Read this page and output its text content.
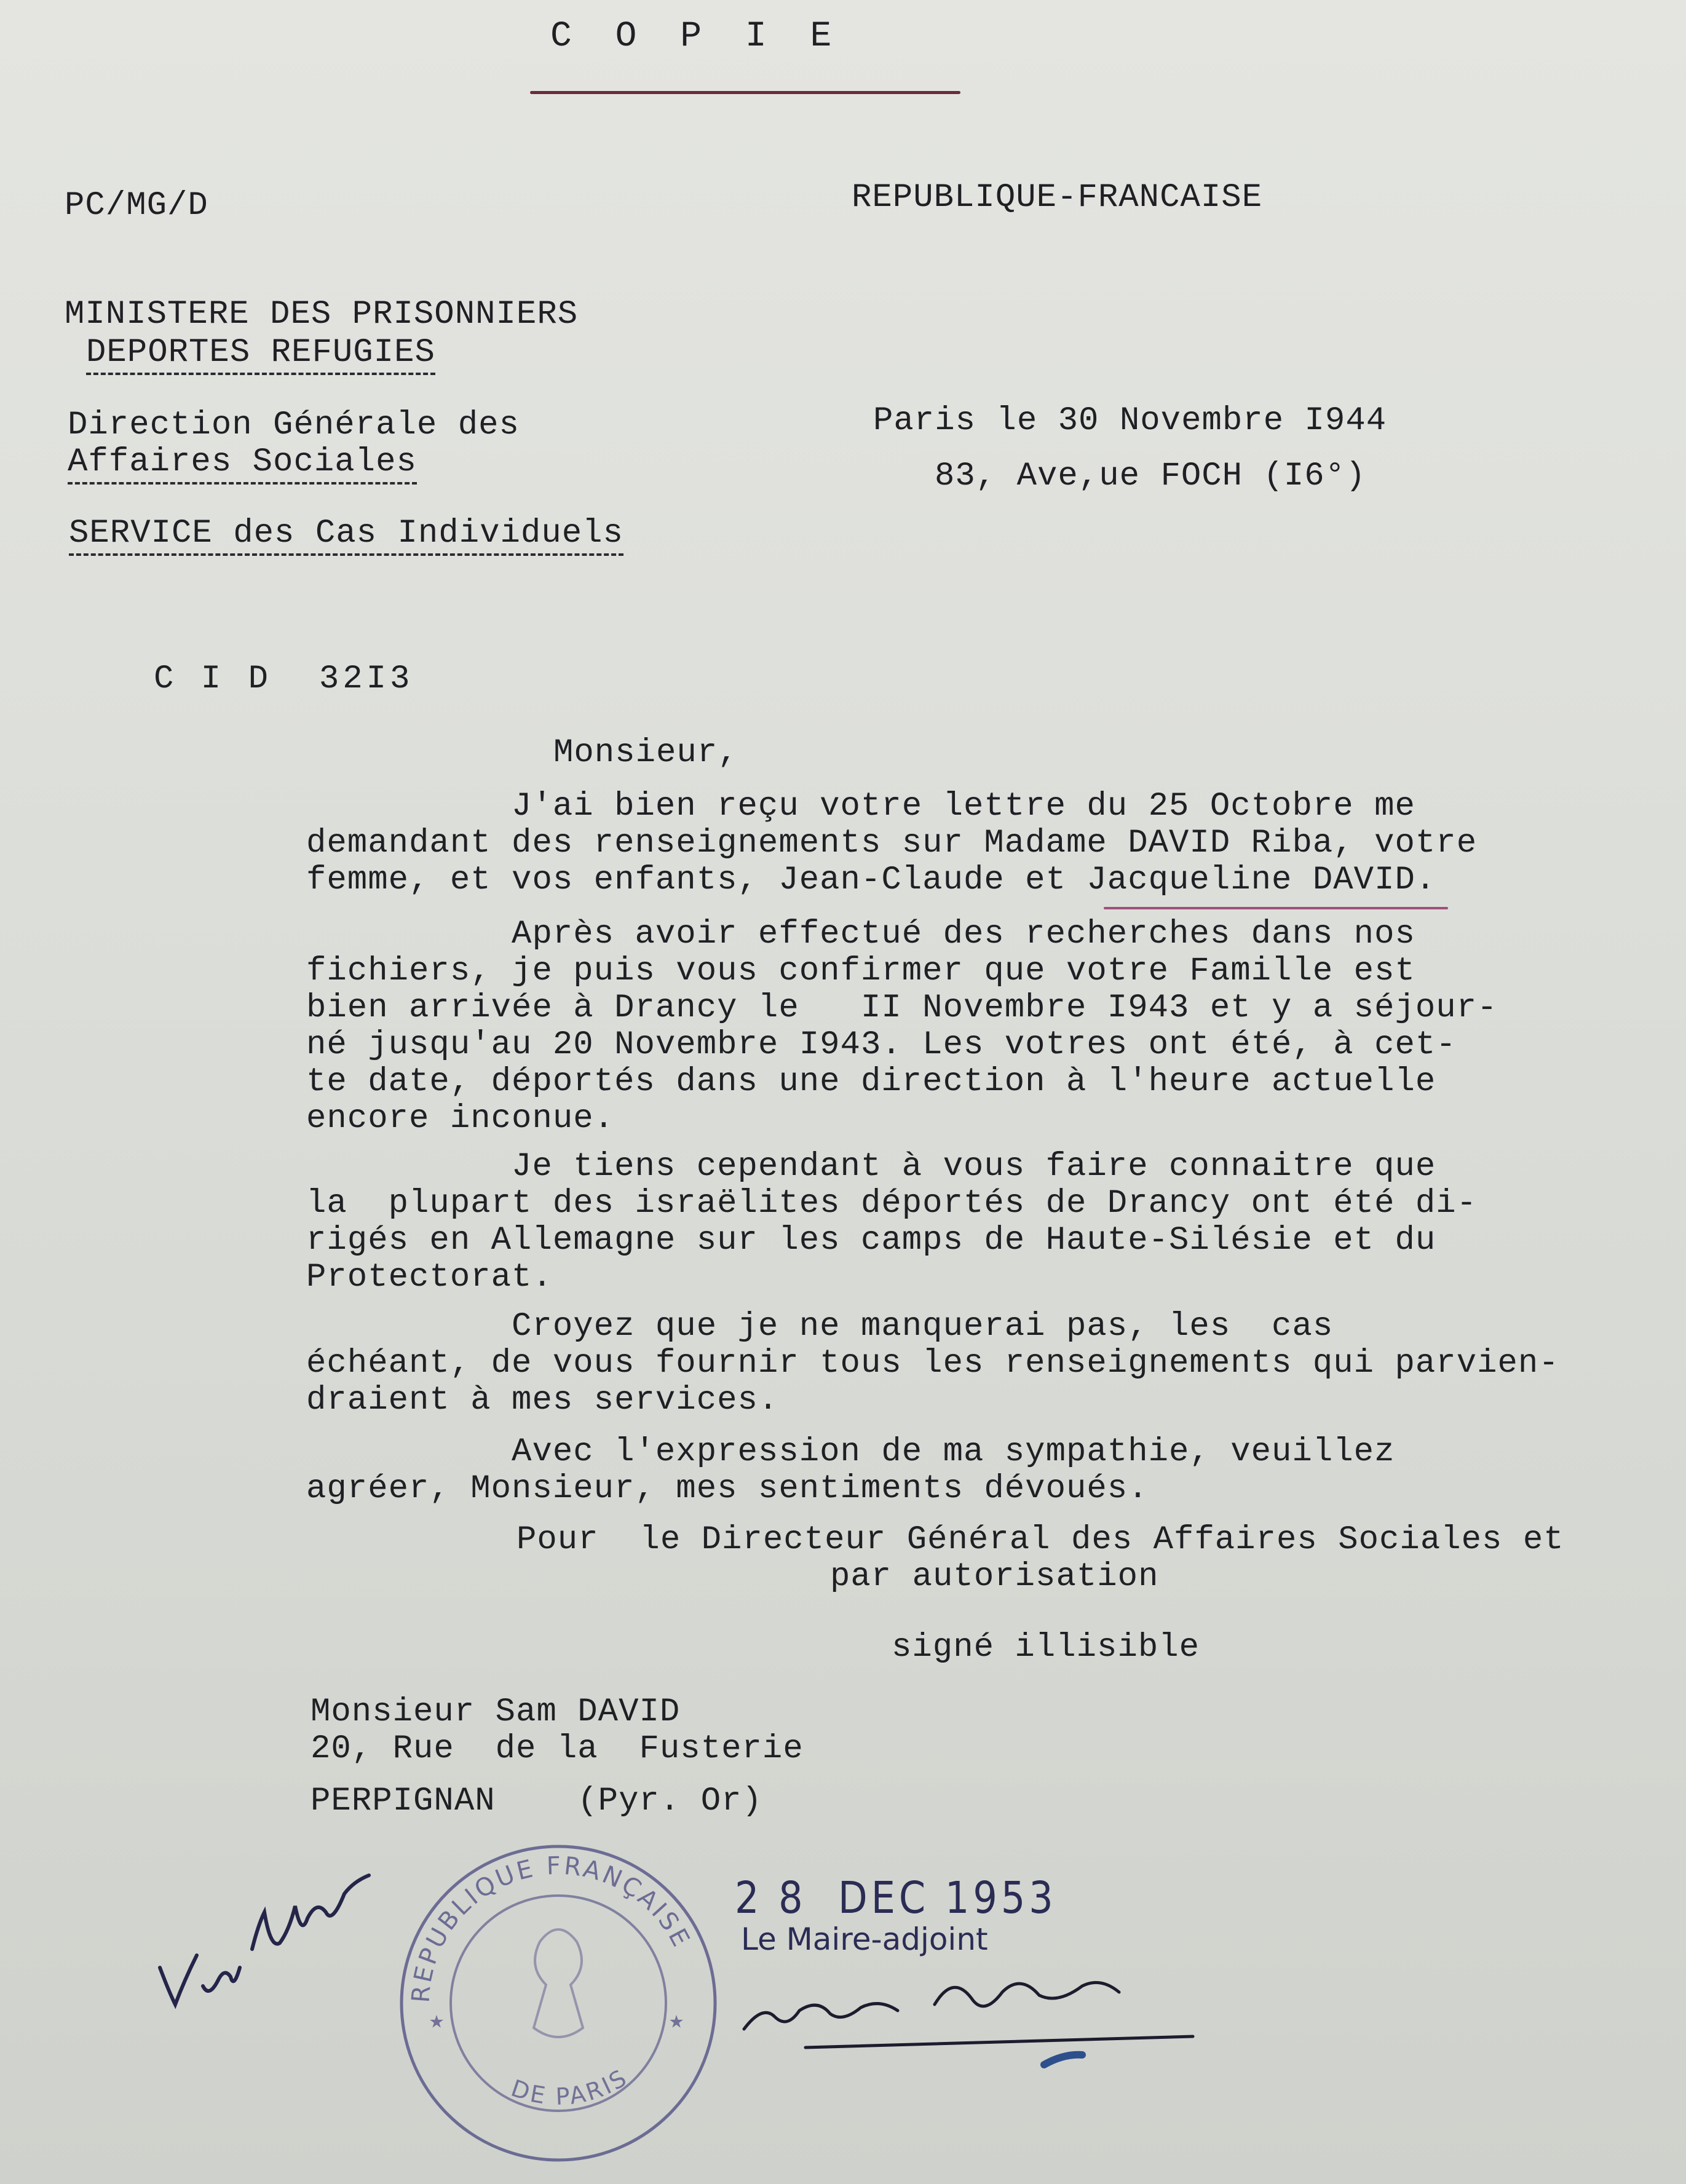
C O P I E
PC/MG/D	REPUBLIQUE-FRANCAISE
MINISTERE DES PRISONNIERS
DEPORTES REFUGIES
Direction Générale des
Affaires Sociales
Paris le 30 Novembre I944
83, Ave,ue FOCH (I6°)
SERVICE des Cas Individuels
C I D  32I3
Monsieur,
J'ai bien reçu votre lettre du 25 Octobre me
demandant des renseignements sur Madame DAVID Riba, votre
femme, et vos enfants, Jean-Claude et Jacqueline DAVID.
Après avoir effectué des recherches dans nos
fichiers, je puis vous confirmer que votre Famille est
bien arrivée à Drancy le   II Novembre I943 et y a séjour-
né jusqu'au 20 Novembre I943. Les votres ont été, à cet-
te date, déportés dans une direction à l'heure actuelle
encore inconue.
Je tiens cependant à vous faire connaitre que
la  plupart des israëlites déportés de Drancy ont été di-
rigés en Allemagne sur les camps de Haute-Silésie et du
Protectorat.
Croyez que je ne manquerai pas, les  cas
échéant, de vous fournir tous les renseignements qui parvien-
draient à mes services.
Avec l'expression de ma sympathie, veuillez
agréer, Monsieur, mes sentiments dévoués.
Pour  le Directeur Général des Affaires Sociales et
par autorisation
signé illisible
Monsieur Sam DAVID
20, Rue  de la  Fusterie
PERPIGNAN    (Pyr. Or)
REPUBLIQUE FRANÇAISE
DE PARIS
★	★
2 8  DEC 1953
Le Maire-adjoint
